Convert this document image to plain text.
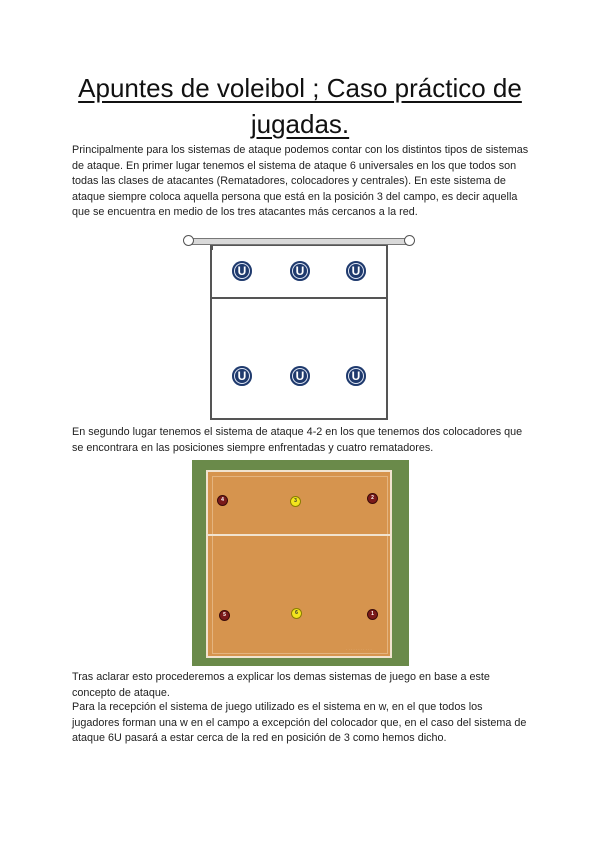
Apuntes de voleibol ; Caso práctico de
jugadas.
Principalmente para los sistemas de ataque podemos contar con los distintos tipos de sistemas de ataque. En primer lugar tenemos el sistema de ataque 6 universales en los que todos son todas las clases de atacantes (Rematadores, colocadores y centrales). En este sistema de ataque siempre coloca aquella persona que está en la posición 3 del campo, es decir aquella que se encuentra en medio de los tres atacantes más cercanos a la red.
U	U	U
U	U	U
En segundo lugar tenemos el sistema de ataque 4-2 en los que tenemos dos colocadores que se encontrara en las posiciones siempre enfrentadas y cuatro rematadores.
4	3	2
5	6	1
· · · · · · · · · · ·
Tras aclarar esto procederemos a explicar los demas sistemas de juego en base a este concepto de ataque.
Para la recepción el sistema de juego utilizado es el sistema en w, en el que todos los jugadores forman una w en el campo a excepción del colocador que, en el caso del sistema de ataque 6U pasará a estar cerca de la red en posición de 3 como hemos dicho.
